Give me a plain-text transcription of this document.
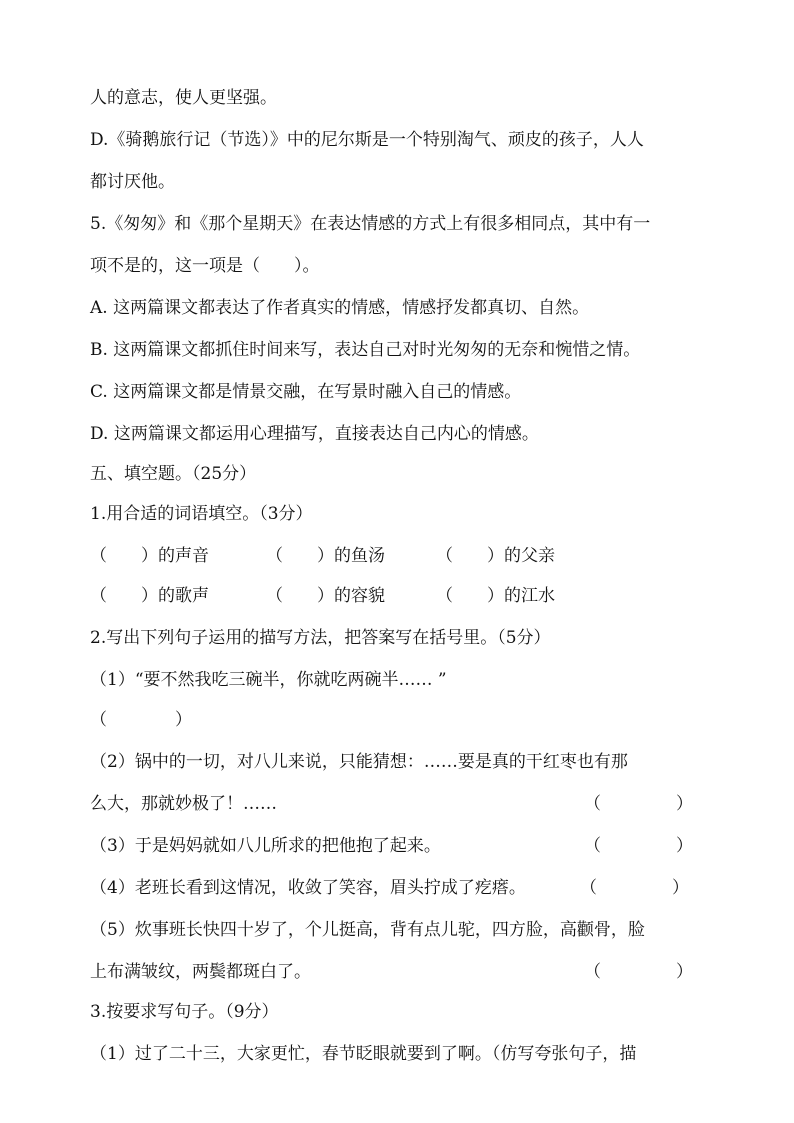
人的意志，使人更坚强。

D.《骑鹅旅行记（节选）》中的尼尔斯是一个特别淘气、顽皮的孩子，人人

都讨厌他。

5.《匆匆》和《那个星期天》在表达情感的方式上有很多相同点，其中有一

项不是的，这一项是（　　）。

A. 这两篇课文都表达了作者真实的情感，情感抒发都真切、自然。

B. 这两篇课文都抓住时间来写，表达自己对时光匆匆的无奈和惋惜之情。

C. 这两篇课文都是情景交融，在写景时融入自己的情感。

D. 这两篇课文都运用心理描写，直接表达自己内心的情感。

五、填空题。（25分）

1.用合适的词语填空。（3分）

（　　）的声音	（　　）的鱼汤	（　　）的父亲
（　　）的歌声	（　　）的容貌	（　　）的江水

2.写出下列句子运用的描写方法，把答案写在括号里。（5分）

（1）“要不然我吃三碗半，你就吃两碗半…… ”

（　　　　）

（2）锅中的一切，对八儿来说，只能猜想：……要是真的干红枣也有那

么大，那就妙极了！……	（	）

（3）于是妈妈就如八儿所求的把他抱了起来。	（	）

（4）老班长看到这情况，收敛了笑容，眉头拧成了疙瘩。	（	）

（5）炊事班长快四十岁了，个儿挺高，背有点儿驼，四方脸，高颧骨，脸

上布满皱纹，两鬓都斑白了。	（	）

3.按要求写句子。（9分）

（1）过了二十三，大家更忙，春节眨眼就要到了啊。（仿写夸张句子，描
